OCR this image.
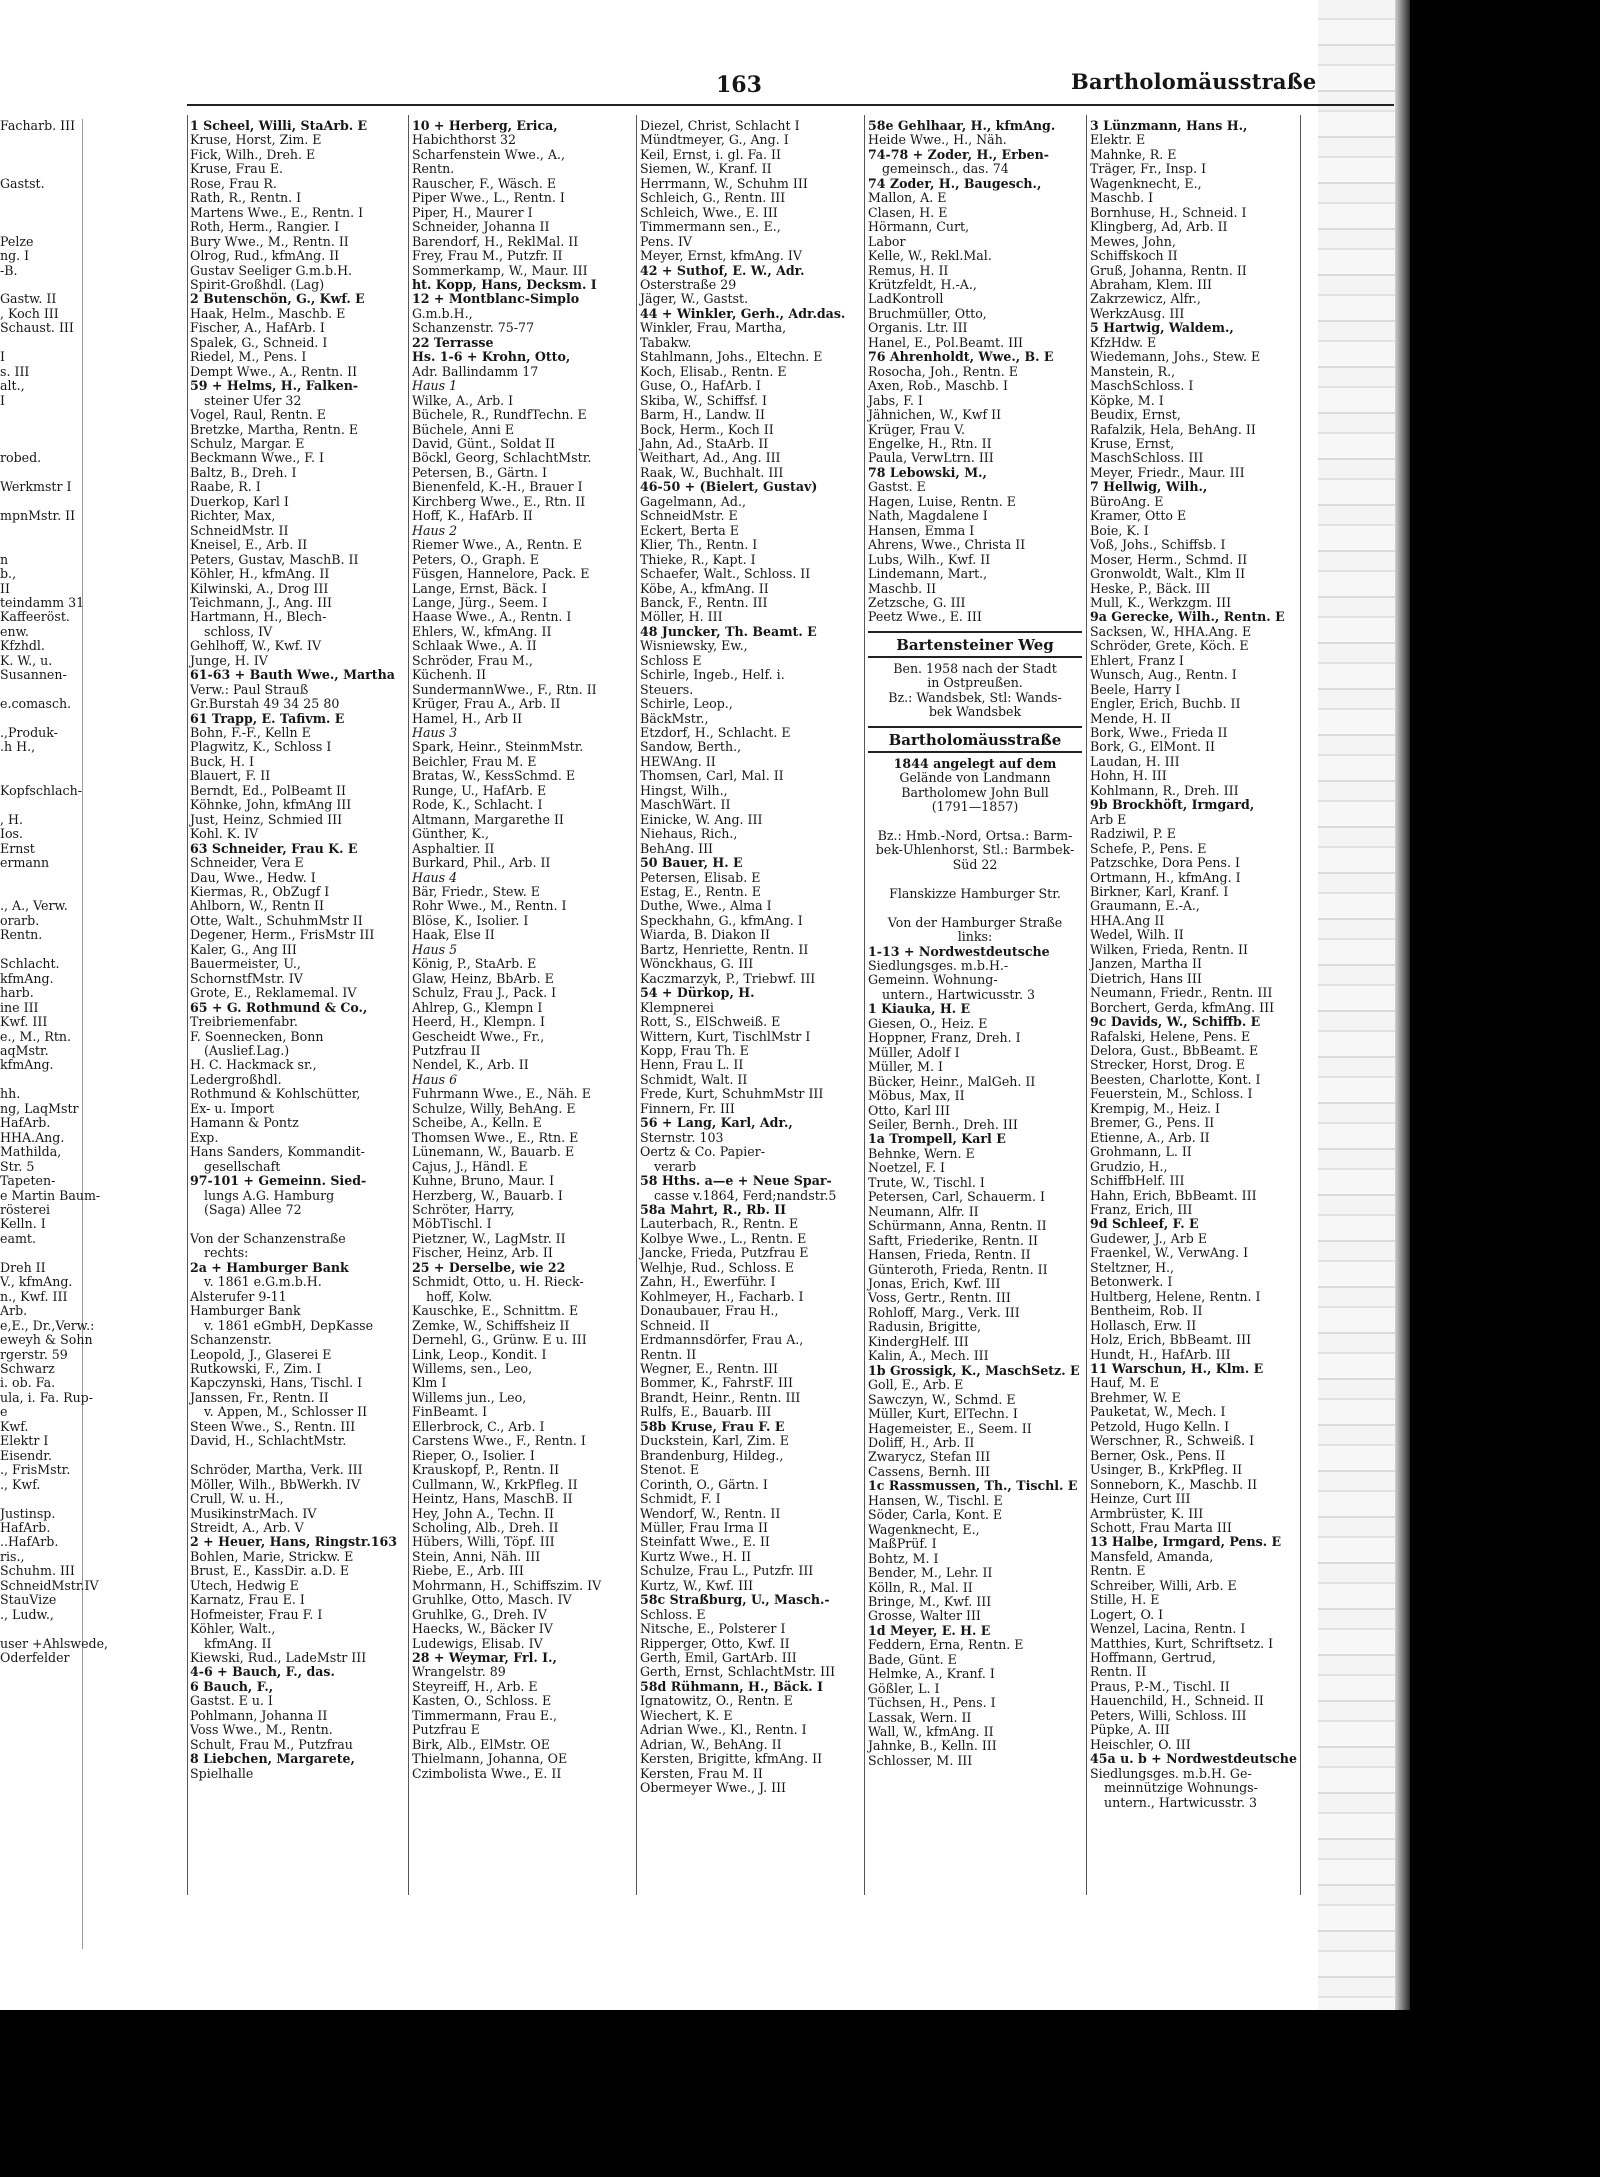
163	Bartholomäusstraße
Facharb. III

Gastst.

Pelze
ng. I
-B.

Gastw. II
, Koch III
Schaust. III

I
s. III
alt.,
I

robed.

Werkmstr I

mpnMstr. II

n
b.,
II
teindamm 31
Kaffeeröst.
enw.
Kfzhdl.
K. W., u.
Susannen-

e.comasch.

.,Produk-
.h H.,

Kopfschlach-

, H.
Ios.
Ernst
ermann

., A., Verw.
orarb.
Rentn.

Schlacht.
kfmAng.
harb.
ine III
Kwf. III
e., M., Rtn.
aqMstr.
kfmAng.

hh.
ng, LaqMstr
HafArb.
HHA.Ang.
Mathilda,
Str. 5
Tapeten-
e Martin Baum-
rösterei
Kelln. I
eamt.

Dreh II
V., kfmAng.
n., Kwf. III
Arb.
e,E., Dr.,Verw.:
eweyh & Sohn
rgerstr. 59
Schwarz
i. ob. Fa.
ula, i. Fa. Rup-
e
Kwf.
Elektr I
Eisendr.
., FrisMstr.
., Kwf.

Justinsp.
HafArb.
..HafArb.
ris.,
Schuhm. III
SchneidMstr.IV
StauVize
., Ludw.,

user +Ahlswede,
Oderfelder
1 Scheel, Willi, StaArb. E
Kruse, Horst, Zim. E
Fick, Wilh., Dreh. E
Kruse, Frau E.
Rose, Frau R.
Rath, R., Rentn. I
Martens Wwe., E., Rentn. I
Roth, Herm., Rangier. I
Bury Wwe., M., Rentn. II
Olrog, Rud., kfmAng. II
Gustav Seeliger G.m.b.H.
Spirit-Großhdl. (Lag)
2 Butenschön, G., Kwf. E
Haak, Helm., Maschb. E
Fischer, A., HafArb. I
Spalek, G., Schneid. I
Riedel, M., Pens. I
Dempt Wwe., A., Rentn. II
59 + Helms, H., Falken-
steiner Ufer 32
Vogel, Raul, Rentn. E
Bretzke, Martha, Rentn. E
Schulz, Margar. E
Beckmann Wwe., F. I
Baltz, B., Dreh. I
Raabe, R. I
Duerkop, Karl I
Richter, Max,
SchneidMstr. II
Kneisel, E., Arb. II
Peters, Gustav, MaschB. II
Köhler, H., kfmAng. II
Kilwinski, A., Drog III
Teichmann, J., Ang. III
Hartmann, H., Blech-
schloss, IV
Gehlhoff, W., Kwf. IV
Junge, H. IV
61-63 + Bauth Wwe., Martha
Verw.: Paul Strauß
Gr.Burstah 49 34 25 80
61 Trapp, E. Tafivm. E
Bohn, F.-F., Kelln E
Plagwitz, K., Schloss I
Buck, H. I
Blauert, F. II
Berndt, Ed., PolBeamt II
Köhnke, John, kfmAng III
Just, Heinz, Schmied III
Kohl. K. IV
63 Schneider, Frau K. E
Schneider, Vera E
Dau, Wwe., Hedw. I
Kiermas, R., ObZugf I
Ahlborn, W., Rentn II
Otte, Walt., SchuhmMstr II
Degener, Herm., FrisMstr III
Kaler, G., Ang III
Bauermeister, U.,
SchornstfMstr. IV
Grote, E., Reklamemal. IV
65 + G. Rothmund & Co.,
Treibriemenfabr.
F. Soennecken, Bonn
(Auslief.Lag.)
H. C. Hackmack sr.,
Ledergroßhdl.
Rothmund & Kohlschütter,
Ex- u. Import
Hamann & Pontz
Exp.
Hans Sanders, Kommandit-
gesellschaft
97-101 + Gemeinn. Sied-
lungs A.G. Hamburg
(Saga) Allee 72

Von der Schanzenstraße
rechts:
2a + Hamburger Bank
v. 1861 e.G.m.b.H.
Alsterufer 9-11
Hamburger Bank
v. 1861 eGmbH, DepKasse
Schanzenstr.
Leopold, J., Glaserei E
Rutkowski, F., Zim. I
Kapczynski, Hans, Tischl. I
Janssen, Fr., Rentn. II
v. Appen, M., Schlosser II
Steen Wwe., S., Rentn. III
David, H., SchlachtMstr.

Schröder, Martha, Verk. III
Möller, Wilh., BbWerkh. IV
Crull, W. u. H.,
MusikinstrMach. IV
Streidt, A., Arb. V
2 + Heuer, Hans, Ringstr.163
Bohlen, Marie, Strickw. E
Brust, E., KassDir. a.D. E
Utech, Hedwig E
Karnatz, Frau E. I
Hofmeister, Frau F. I
Köhler, Walt.,
kfmAng. II
Kiewski, Rud., LadeMstr III
4-6 + Bauch, F., das.
6 Bauch, F.,
Gastst. E u. I
Pohlmann, Johanna II
Voss Wwe., M., Rentn.
Schult, Frau M., Putzfrau
8 Liebchen, Margarete,
Spielhalle
10 + Herberg, Erica,
Habichthorst 32
Scharfenstein Wwe., A.,
Rentn.
Rauscher, F., Wäsch. E
Piper Wwe., L., Rentn. I
Piper, H., Maurer I
Schneider, Johanna II
Barendorf, H., ReklMal. II
Frey, Frau M., Putzfr. II
Sommerkamp, W., Maur. III
ht. Kopp, Hans, Decksm. I
12 + Montblanc-Simplo
G.m.b.H.,
Schanzenstr. 75-77
22 Terrasse
Hs. 1-6 + Krohn, Otto,
Adr. Ballindamm 17
Haus 1
Wilke, A., Arb. I
Büchele, R., RundfTechn. E
Büchele, Anni E
David, Günt., Soldat II
Böckl, Georg, SchlachtMstr.
Petersen, B., Gärtn. I
Bienenfeld, K.-H., Brauer I
Kirchberg Wwe., E., Rtn. II
Hoff, K., HafArb. II
Haus 2
Riemer Wwe., A., Rentn. E
Peters, O., Graph. E
Füsgen, Hannelore, Pack. E
Lange, Ernst, Bäck. I
Lange, Jürg., Seem. I
Haase Wwe., A., Rentn. I
Ehlers, W., kfmAng. II
Schlaak Wwe., A. II
Schröder, Frau M.,
Küchenh. II
SundermannWwe., F., Rtn. II
Krüger, Frau A., Arb. II
Hamel, H., Arb II
Haus 3
Spark, Heinr., SteinmMstr.
Beichler, Frau M. E
Bratas, W., KessSchmd. E
Runge, U., HafArb. E
Rode, K., Schlacht. I
Altmann, Margarethe II
Günther, K.,
Asphaltier. II
Burkard, Phil., Arb. II
Haus 4
Bär, Friedr., Stew. E
Rohr Wwe., M., Rentn. I
Blöse, K., Isolier. I
Haak, Else II
Haus 5
König, P., StaArb. E
Glaw, Heinz, BbArb. E
Schulz, Frau J., Pack. I
Ahlrep, G., Klempn I
Heerd, H., Klempn. I
Gescheidt Wwe., Fr.,
Putzfrau II
Nendel, K., Arb. II
Haus 6
Fuhrmann Wwe., E., Näh. E
Schulze, Willy, BehAng. E
Scheibe, A., Kelln. E
Thomsen Wwe., E., Rtn. E
Lünemann, W., Bauarb. E
Cajus, J., Händl. E
Kuhne, Bruno, Maur. I
Herzberg, W., Bauarb. I
Schröter, Harry,
MöbTischl. I
Pietzner, W., LagMstr. II
Fischer, Heinz, Arb. II
25 + Derselbe, wie 22
Schmidt, Otto, u. H. Rieck-
hoff, Kolw.
Kauschke, E., Schnittm. E
Zemke, W., Schiffsheiz II
Dernehl, G., Grünw. E u. III
Link, Leop., Kondit. I
Willems, sen., Leo,
Klm I
Willems jun., Leo,
FinBeamt. I
Ellerbrock, C., Arb. I
Carstens Wwe., F., Rentn. I
Rieper, O., Isolier. I
Krauskopf, P., Rentn. II
Cullmann, W., KrkPfleg. II
Heintz, Hans, MaschB. II
Hey, John A., Techn. II
Scholing, Alb., Dreh. II
Hübers, Willi, Töpf. III
Stein, Anni, Näh. III
Riebe, E., Arb. III
Mohrmann, H., Schiffszim. IV
Gruhlke, Otto, Masch. IV
Gruhlke, G., Dreh. IV
Haecks, W., Bäcker IV
Ludewigs, Elisab. IV
28 + Weymar, Frl. I.,
Wrangelstr. 89
Steyreiff, H., Arb. E
Kasten, O., Schloss. E
Timmermann, Frau E.,
Putzfrau E
Birk, Alb., ElMstr. OE
Thielmann, Johanna, OE
Czimbolista Wwe., E. II
Diezel, Christ, Schlacht I
Mündtmeyer, G., Ang. I
Keil, Ernst, i. gl. Fa. II
Siemen, W., Kranf. II
Herrmann, W., Schuhm III
Schleich, G., Rentn. III
Schleich, Wwe., E. III
Timmermann sen., E.,
Pens. IV
Meyer, Ernst, kfmAng. IV
42 + Suthof, E. W., Adr.
Osterstraße 29
Jäger, W., Gastst.
44 + Winkler, Gerh., Adr.das.
Winkler, Frau, Martha,
Tabakw.
Stahlmann, Johs., Eltechn. E
Koch, Elisab., Rentn. E
Guse, O., HafArb. I
Skiba, W., Schiffsf. I
Barm, H., Landw. II
Bock, Herm., Koch II
Jahn, Ad., StaArb. II
Weithart, Ad., Ang. III
Raak, W., Buchhalt. III
46-50 + (Bielert, Gustav)
Gagelmann, Ad.,
SchneidMstr. E
Eckert, Berta E
Klier, Th., Rentn. I
Thieke, R., Kapt. I
Schaefer, Walt., Schloss. II
Köbe, A., kfmAng. II
Banck, F., Rentn. III
Möller, H. III
48 Juncker, Th. Beamt. E
Wisniewsky, Ew.,
Schloss E
Schirle, Ingeb., Helf. i.
Steuers.
Schirle, Leop.,
BäckMstr.,
Etzdorf, H., Schlacht. E
Sandow, Berth.,
HEWAng. II
Thomsen, Carl, Mal. II
Hingst, Wilh.,
MaschWärt. II
Einicke, W. Ang. III
Niehaus, Rich.,
BehAng. III
50 Bauer, H. E
Petersen, Elisab. E
Estag, E., Rentn. E
Duthe, Wwe., Alma I
Speckhahn, G., kfmAng. I
Wiarda, B. Diakon II
Bartz, Henriette, Rentn. II
Wönckhaus, G. III
Kaczmarzyk, P., Triebwf. III
54 + Dürkop, H.
Klempnerei
Rott, S., ElSchweiß. E
Wittern, Kurt, TischlMstr I
Kopp, Frau Th. E
Henn, Frau L. II
Schmidt, Walt. II
Frede, Kurt, SchuhmMstr III
Finnern, Fr. III
56 + Lang, Karl, Adr.,
Sternstr. 103
Oertz & Co. Papier-
verarb
58 Hths. a—e + Neue Spar-
casse v.1864, Ferd;nandstr.5
58a Mahrt, R., Rb. II
Lauterbach, R., Rentn. E
Kolbye Wwe., L., Rentn. E
Jancke, Frieda, Putzfrau E
Welhje, Rud., Schloss. E
Zahn, H., Ewerführ. I
Kohlmeyer, H., Facharb. I
Donaubauer, Frau H.,
Schneid. II
Erdmannsdörfer, Frau A.,
Rentn. II
Wegner, E., Rentn. III
Bommer, K., FahrstF. III
Brandt, Heinr., Rentn. III
Rulfs, E., Bauarb. III
58b Kruse, Frau F. E
Duckstein, Karl, Zim. E
Brandenburg, Hildeg.,
Stenot. E
Corinth, O., Gärtn. I
Schmidt, F. I
Wendorf, W., Rentn. II
Müller, Frau Irma II
Steinfatt Wwe., E. II
Kurtz Wwe., H. II
Schulze, Frau L., Putzfr. III
Kurtz, W., Kwf. III
58c Straßburg, U., Masch.-
Schloss. E
Nitsche, E., Polsterer I
Ripperger, Otto, Kwf. II
Gerth, Emil, GartArb. III
Gerth, Ernst, SchlachtMstr. III
58d Rühmann, H., Bäck. I
Ignatowitz, O., Rentn. E
Wiechert, K. E
Adrian Wwe., Kl., Rentn. I
Adrian, W., BehAng. II
Kersten, Brigitte, kfmAng. II
Kersten, Frau M. II
Obermeyer Wwe., J. III
58e Gehlhaar, H., kfmAng.
Heide Wwe., H., Näh.
74-78 + Zoder, H., Erben-
gemeinsch., das. 74
74 Zoder, H., Baugesch.,
Mallon, A. E
Clasen, H. E
Hörmann, Curt,
Labor
Kelle, W., Rekl.Mal.
Remus, H. II
Krützfeldt, H.-A.,
LadKontroll
Bruchmüller, Otto,
Organis. Ltr. III
Hanel, E., Pol.Beamt. III
76 Ahrenholdt, Wwe., B. E
Rosocha, Joh., Rentn. E
Axen, Rob., Maschb. I
Jabs, F. I
Jähnichen, W., Kwf II
Krüger, Frau V.
Engelke, H., Rtn. II
Paula, VerwLtrn. III
78 Lebowski, M.,
Gastst. E
Hagen, Luise, Rentn. E
Nath, Magdalene I
Hansen, Emma I
Ahrens, Wwe., Christa II
Lubs, Wilh., Kwf. II
Lindemann, Mart.,
Maschb. II
Zetzsche, G. III
Peetz Wwe., E. III
Bartensteiner Weg
Ben. 1958 nach der Stadt
in Ostpreußen.
Bz.: Wandsbek, Stl: Wands-
bek Wandsbek
Bartholomäusstraße
1844 angelegt auf dem
Gelände von Landmann
Bartholomew John Bull
(1791—1857)

Bz.: Hmb.-Nord, Ortsa.: Barm-
bek-Uhlenhorst, Stl.: Barmbek-
Süd 22

Flanskizze Hamburger Str.

Von der Hamburger Straße
links:
1-13 + Nordwestdeutsche
Siedlungsges. m.b.H.-
Gemeinn. Wohnung-
untern., Hartwicusstr. 3
1 Kiauka, H. E
Giesen, O., Heiz. E
Hoppner, Franz, Dreh. I
Müller, Adolf I
Müller, M. I
Bücker, Heinr., MalGeh. II
Möbus, Max, II
Otto, Karl III
Seiler, Bernh., Dreh. III
1a Trompell, Karl E
Behnke, Wern. E
Noetzel, F. I
Trute, W., Tischl. I
Petersen, Carl, Schauerm. I
Neumann, Alfr. II
Schürmann, Anna, Rentn. II
Saftt, Friederike, Rentn. II
Hansen, Frieda, Rentn. II
Günteroth, Frieda, Rentn. II
Jonas, Erich, Kwf. III
Voss, Gertr., Rentn. III
Rohloff, Marg., Verk. III
Radusin, Brigitte,
KindergHelf. III
Kalin, A., Mech. III
1b Grossigk, K., MaschSetz. E
Goll, E., Arb. E
Sawczyn, W., Schmd. E
Müller, Kurt, ElTechn. I
Hagemeister, E., Seem. II
Doliff, H., Arb. II
Zwarycz, Stefan III
Cassens, Bernh. III
1c Rassmussen, Th., Tischl. E
Hansen, W., Tischl. E
Söder, Carla, Kont. E
Wagenknecht, E.,
MaßPrüf. I
Bohtz, M. I
Bender, M., Lehr. II
Kölln, R., Mal. II
Bringe, M., Kwf. III
Grosse, Walter III
1d Meyer, E. H. E
Feddern, Erna, Rentn. E
Bade, Günt. E
Helmke, A., Kranf. I
Gößler, L. I
Tüchsen, H., Pens. I
Lassak, Wern. II
Wall, W., kfmAng. II
Jahnke, B., Kelln. III
Schlosser, M. III
3 Lünzmann, Hans H.,
Elektr. E
Mahnke, R. E
Träger, Fr., Insp. I
Wagenknecht, E.,
Maschb. I
Bornhuse, H., Schneid. I
Klingberg, Ad, Arb. II
Mewes, John,
Schiffskoch II
Gruß, Johanna, Rentn. II
Abraham, Klem. III
Zakrzewicz, Alfr.,
WerkzAusg. III
5 Hartwig, Waldem.,
KfzHdw. E
Wiedemann, Johs., Stew. E
Manstein, R.,
MaschSchloss. I
Köpke, M. I
Beudix, Ernst,
Rafalzik, Hela, BehAng. II
Kruse, Ernst,
MaschSchloss. III
Meyer, Friedr., Maur. III
7 Hellwig, Wilh.,
BüroAng. E
Kramer, Otto E
Boie, K. I
Voß, Johs., Schiffsb. I
Moser, Herm., Schmd. II
Gronwoldt, Walt., Klm II
Heske, P., Bäck. III
Mull, K., Werkzgm. III
9a Gerecke, Wilh., Rentn. E
Sacksen, W., HHA.Ang. E
Schröder, Grete, Köch. E
Ehlert, Franz I
Wunsch, Aug., Rentn. I
Beele, Harry I
Engler, Erich, Buchb. II
Mende, H. II
Bork, Wwe., Frieda II
Bork, G., ElMont. II
Laudan, H. III
Hohn, H. III
Kohlmann, R., Dreh. III
9b Brockhöft, Irmgard,
Arb E
Radziwil, P. E
Schefe, P., Pens. E
Patzschke, Dora Pens. I
Ortmann, H., kfmAng. I
Birkner, Karl, Kranf. I
Graumann, E.-A.,
HHA.Ang II
Wedel, Wilh. II
Wilken, Frieda, Rentn. II
Janzen, Martha II
Dietrich, Hans III
Neumann, Friedr., Rentn. III
Borchert, Gerda, kfmAng. III
9c Davids, W., Schiffb. E
Rafalski, Helene, Pens. E
Delora, Gust., BbBeamt. E
Strecker, Horst, Drog. E
Beesten, Charlotte, Kont. I
Feuerstein, M., Schloss. I
Krempig, M., Heiz. I
Bremer, G., Pens. II
Etienne, A., Arb. II
Grohmann, L. II
Grudzio, H.,
SchiffbHelf. III
Hahn, Erich, BbBeamt. III
Franz, Erich, III
9d Schleef, F. E
Gudewer, J., Arb E
Fraenkel, W., VerwAng. I
Steltzner, H.,
Betonwerk. I
Hultberg, Helene, Rentn. I
Bentheim, Rob. II
Hollasch, Erw. II
Holz, Erich, BbBeamt. III
Hundt, H., HafArb. III
11 Warschun, H., Klm. E
Hauf, M. E
Brehmer, W. E
Pauketat, W., Mech. I
Petzold, Hugo Kelln. I
Werschner, R., Schweiß. I
Berner, Osk., Pens. II
Usinger, B., KrkPfleg. II
Sonneborn, K., Maschb. II
Heinze, Curt III
Armbrüster, K. III
Schott, Frau Marta III
13 Halbe, Irmgard, Pens. E
Mansfeld, Amanda,
Rentn. E
Schreiber, Willi, Arb. E
Stille, H. E
Logert, O. I
Wenzel, Lacina, Rentn. I
Matthies, Kurt, Schriftsetz. I
Hoffmann, Gertrud,
Rentn. II
Praus, P.-M., Tischl. II
Hauenchild, H., Schneid. II
Peters, Willi, Schloss. III
Püpke, A. III
Heischler, O. III
45a u. b + Nordwestdeutsche
Siedlungsges. m.b.H. Ge-
meinnützige Wohnungs-
untern., Hartwicusstr. 3
